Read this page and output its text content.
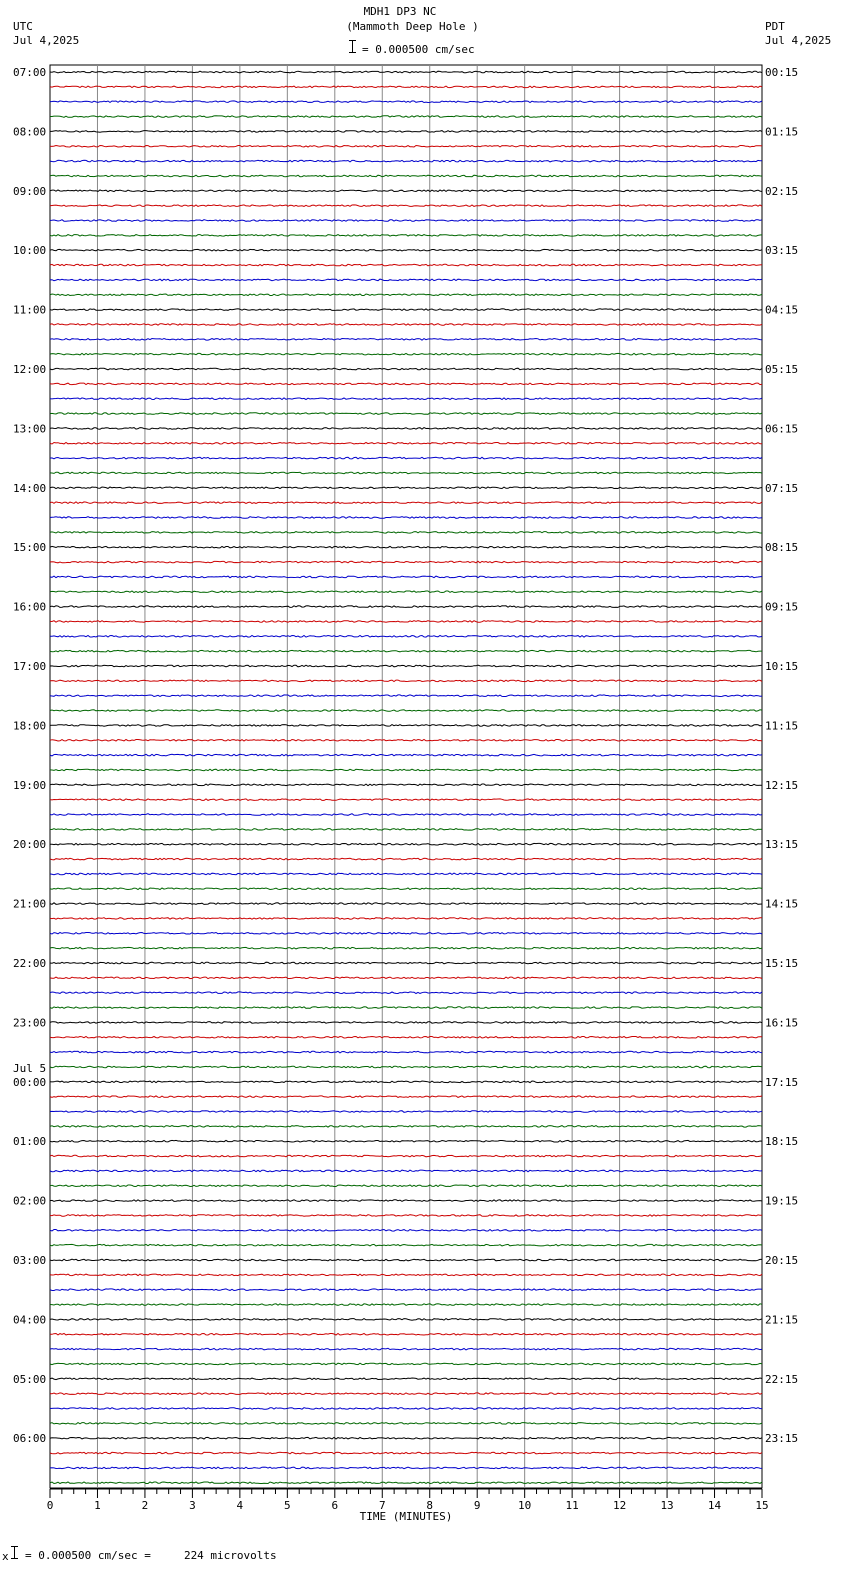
MDH1 DP3 NC
(Mammoth Deep Hole )
= 0.000500 cm/sec
UTC
Jul 4,2025
PDT
Jul 4,2025
07:00
08:00
09:00
10:00
11:00
12:00
13:00
14:00
15:00
16:00
17:00
18:00
19:00
20:00
21:00
22:00
23:00
00:00
Jul 5
01:00
02:00
03:00
04:00
05:00
06:00
00:15
01:15
02:15
03:15
04:15
05:15
06:15
07:15
08:15
09:15
10:15
11:15
12:15
13:15
14:15
15:15
16:15
17:15
18:15
19:15
20:15
21:15
22:15
23:15
0	1	2	3	4	5	6	7	8	9	10	11	12	13	14	15
TIME (MINUTES)
x = 0.000500 cm/sec =     224 microvolts
